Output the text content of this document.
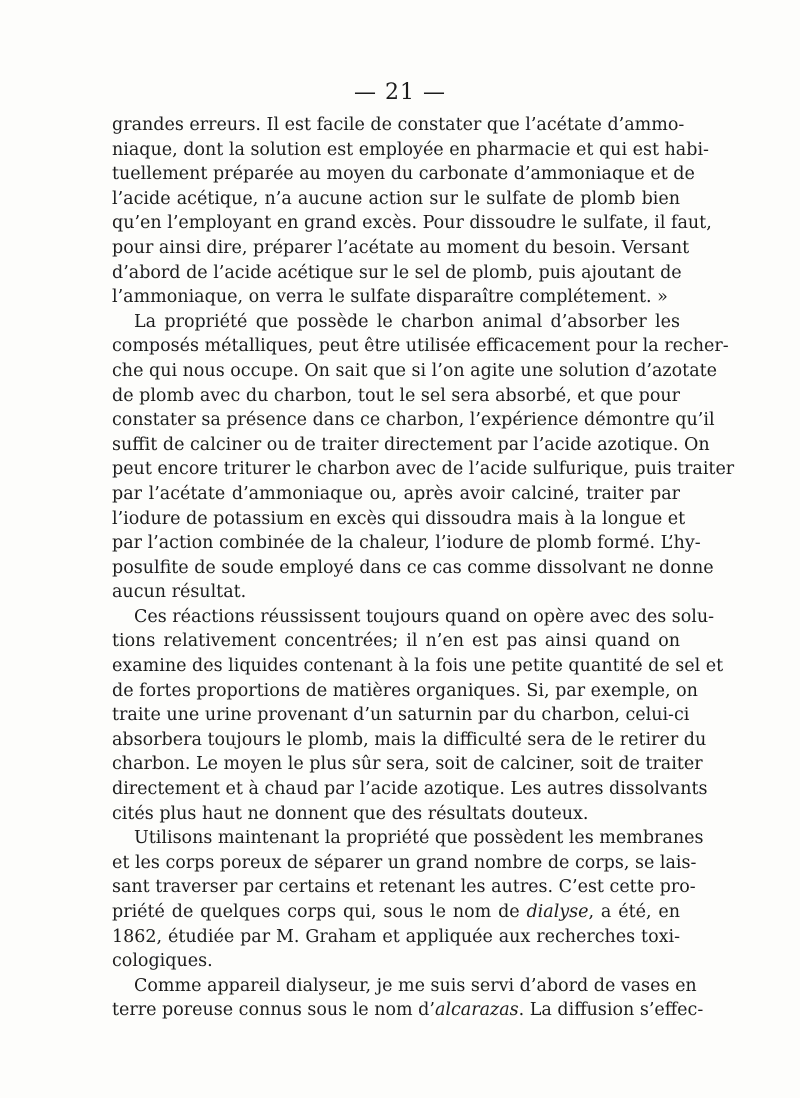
— 21 —
grandes erreurs. Il est facile de constater que l’acétate d’ammo-
niaque, dont la solution est employée en pharmacie et qui est habi-
tuellement préparée au moyen du carbonate d’ammoniaque et de
l’acide acétique, n’a aucune action sur le sulfate de plomb bien
qu’en l’employant en grand excès. Pour dissoudre le sulfate, il faut,
pour ainsi dire, préparer l’acétate au moment du besoin. Versant
d’abord de l’acide acétique sur le sel de plomb, puis ajoutant de
l’ammoniaque, on verra le sulfate disparaître complétement. »
La propriété que possède le charbon animal d’absorber les
composés métalliques, peut être utilisée efficacement pour la recher-
che qui nous occupe. On sait que si l’on agite une solution d’azotate
de plomb avec du charbon, tout le sel sera absorbé, et que pour
constater sa présence dans ce charbon, l’expérience démontre qu’il
suffit de calciner ou de traiter directement par l’acide azotique. On
peut encore triturer le charbon avec de l’acide sulfurique, puis traiter
par l’acétate d’ammoniaque ou, après avoir calciné, traiter par
l’iodure de potassium en excès qui dissoudra mais à la longue et
par l’action combinée de la chaleur, l’iodure de plomb formé. L’hy-
posulfite de soude employé dans ce cas comme dissolvant ne donne
aucun résultat.
Ces réactions réussissent toujours quand on opère avec des solu-
tions relativement concentrées; il n’en est pas ainsi quand on
examine des liquides contenant à la fois une petite quantité de sel et
de fortes proportions de matières organiques. Si, par exemple, on
traite une urine provenant d’un saturnin par du charbon, celui-ci
absorbera toujours le plomb, mais la difficulté sera de le retirer du
charbon. Le moyen le plus sûr sera, soit de calciner, soit de traiter
directement et à chaud par l’acide azotique. Les autres dissolvants
cités plus haut ne donnent que des résultats douteux.
Utilisons maintenant la propriété que possèdent les membranes
et les corps poreux de séparer un grand nombre de corps, se lais-
sant traverser par certains et retenant les autres. C’est cette pro-
priété de quelques corps qui, sous le nom de dialyse, a été, en
1862, étudiée par M. Graham et appliquée aux recherches toxi-
cologiques.
Comme appareil dialyseur, je me suis servi d’abord de vases en
terre poreuse connus sous le nom d’alcarazas. La diffusion s’effec-
